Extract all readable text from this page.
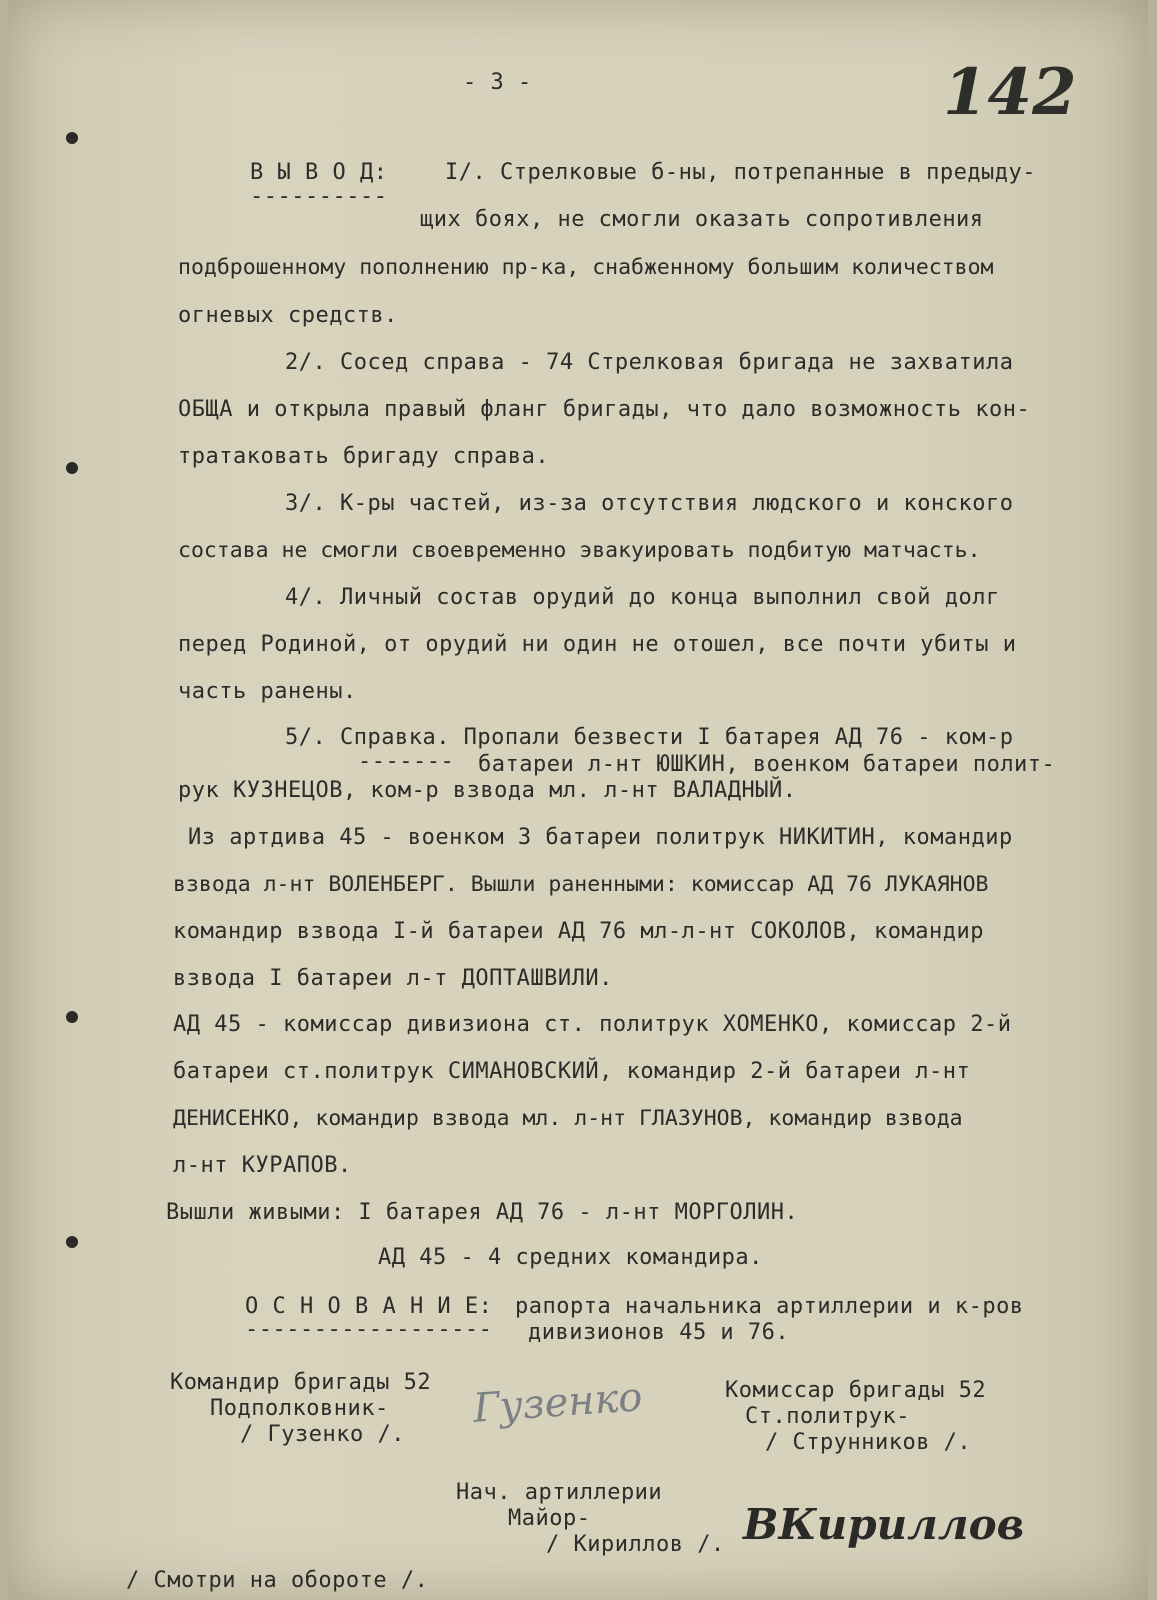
- 3 -	142
В Ы В О Д:
----------
I/. Стрелковые б-ны, потрепанные в предыду-
щих боях, не смогли оказать сопротивления
подброшенному пополнению пр-ка, снабженному большим количеством
огневых средств.
2/. Сосед справа - 74 Стрелковая бригада не захватила
ОБЩА и открыла правый фланг бригады, что дало возможность кон-
тратаковать бригаду справа.
3/. К-ры частей, из-за отсутствия людского и конского
состава не смогли своевременно эвакуировать подбитую матчасть.
4/. Личный состав орудий до конца выполнил свой долг
перед Родиной, от орудий ни один не отошел, все почти убиты и
часть ранены.
5/. Справка. Пропали безвести I батарея АД 76 - ком-р
------- батареи л-нт ЮШКИН, военком батареи полит-
рук КУЗНЕЦОВ, ком-р взвода мл. л-нт ВАЛАДНЫЙ.
Из артдива 45 - военком 3 батареи политрук НИКИТИН, командир
взвода л-нт ВОЛЕНБЕРГ. Вышли раненными: комиссар АД 76 ЛУКАЯНОВ
командир взвода I-й батареи АД 76 мл-л-нт СОКОЛОВ, командир
взвода I батареи л-т ДОПТАШВИЛИ.
АД 45 - комиссар дивизиона ст. политрук ХОМЕНКО, комиссар 2-й
батареи ст.политрук СИМАНОВСКИЙ, командир 2-й батареи л-нт
ДЕНИСЕНКО, командир взвода мл. л-нт ГЛАЗУНОВ, командир взвода
л-нт КУРАПОВ.
Вышли живыми: I батарея АД 76 - л-нт МОРГОЛИН.
АД 45 - 4 средних командира.
О С Н О В А Н И Е: рапорта начальника артиллерии и к-ров
------------------ дивизионов 45 и 76.
Командир бригады 52
Подполковник-
/ Гузенко /.
Гузенко	Комиссар бригады 52
Ст.политрук-
/ Струнников /.
Нач. артиллерии
Майор-
/ Кириллов /. ВКириллов
/ Смотри на обороте /.
